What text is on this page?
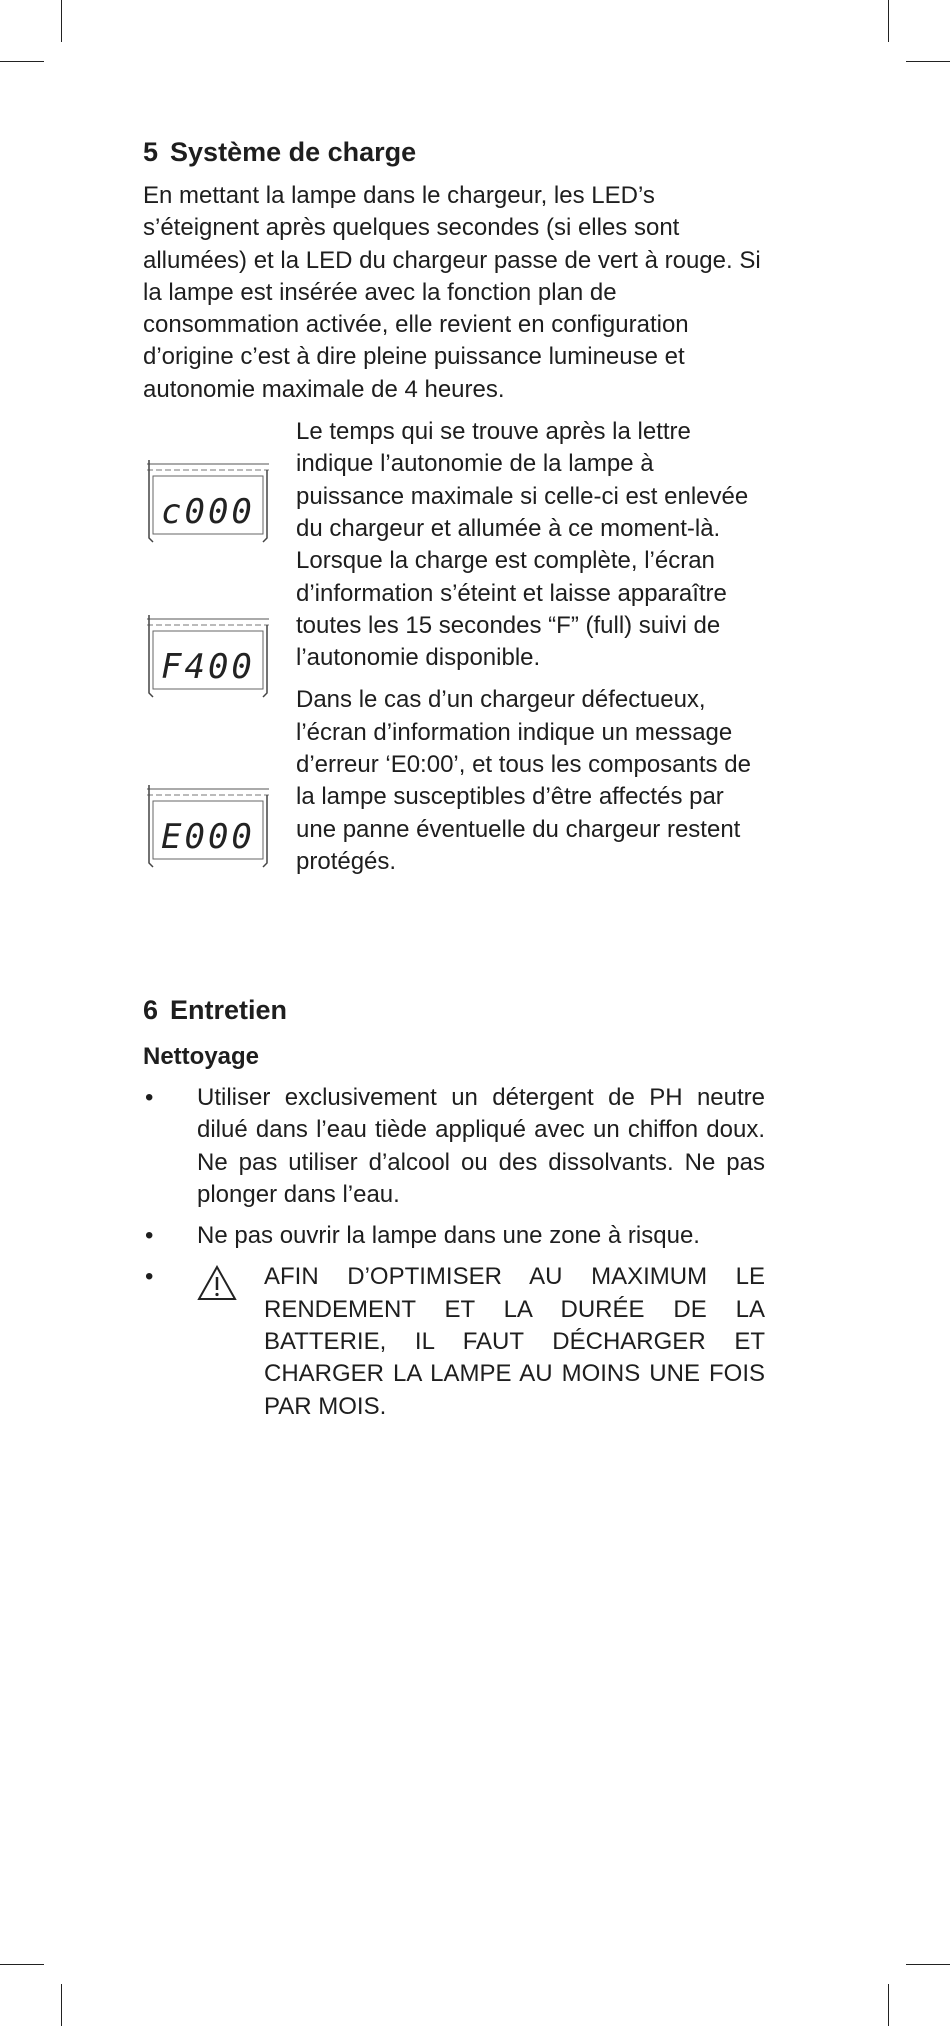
5 Système de charge

En mettant la lampe dans le chargeur, les LED’s s’éteignent après quelques secondes (si elles sont allumées) et la LED du chargeur passe de vert à rouge. Si la lampe est insérée avec la fonction plan de consommation activée, elle revient en configuration d’origine c’est à dire pleine puissance lumineuse et autonomie maximale de 4 heures.

c000
F400
E000

Le temps qui se trouve après la lettre indique l’autonomie de la lampe à puissance maximale si celle-ci est enlevée du chargeur et allumée à ce moment-là. Lorsque la charge est complète, l’écran d’information s’éteint et laisse apparaître toutes les 15 secondes “F” (full) suivi de l’autonomie disponible.

Dans le cas d’un chargeur défectueux, l’écran d’information indique un message d’erreur ‘E0:00’, et tous les composants de la lampe susceptibles d’être affectés par une panne éventuelle du chargeur restent protégés.

6 Entretien
Nettoyage
• Utiliser exclusivement un détergent de PH neutre dilué dans l’eau tiède appliqué avec un chiffon doux. Ne pas utiliser d’alcool ou des dissolvants. Ne pas plonger dans l’eau.
• Ne pas ouvrir la lampe dans une zone à risque.
•	AFIN D’OPTIMISER AU MAXIMUM LE RENDEMENT ET LA DURÉE DE LA BATTERIE, IL FAUT DÉCHARGER ET CHARGER LA LAMPE AU MOINS UNE FOIS PAR MOIS.
